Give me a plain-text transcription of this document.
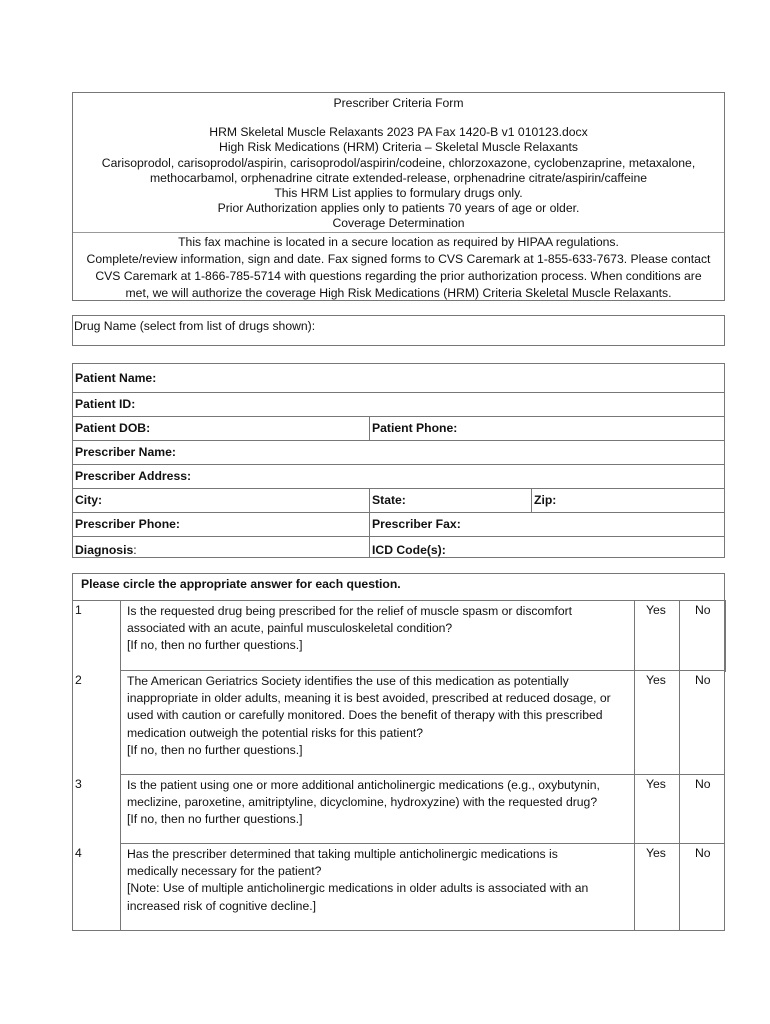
Prescriber Criteria Form
HRM Skeletal Muscle Relaxants 2023 PA Fax 1420-B v1 010123.docx
High Risk Medications (HRM) Criteria – Skeletal Muscle Relaxants
Carisoprodol, carisoprodol/aspirin, carisoprodol/aspirin/codeine, chlorzoxazone, cyclobenzaprine, metaxalone,
methocarbamol, orphenadrine citrate extended-release, orphenadrine citrate/aspirin/caffeine
This HRM List applies to formulary drugs only.
Prior Authorization applies only to patients 70 years of age or older.
Coverage Determination
This fax machine is located in a secure location as required by HIPAA regulations.
Complete/review information, sign and date. Fax signed forms to CVS Caremark at 1-855-633-7673. Please contact
CVS Caremark at 1-866-785-5714 with questions regarding the prior authorization process. When conditions are
met, we will authorize the coverage High Risk Medications (HRM) Criteria Skeletal Muscle Relaxants.
Drug Name (select from list of drugs shown):
Patient Name:
Patient ID:
Patient DOB:	Patient Phone:
Prescriber Name:
Prescriber Address:
City:	State:	Zip:
Prescriber Phone:	Prescriber Fax:
Diagnosis :	ICD Code(s):
Please circle the appropriate answer for each question.
1	Is the requested drug being prescribed for the relief of muscle spasm or discomfort
associated with an acute, painful musculoskeletal condition?
[If no, then no further questions.]
Yes No
2	The American Geriatrics Society identifies the use of this medication as potentially
inappropriate in older adults, meaning it is best avoided, prescribed at reduced dosage, or
used with caution or carefully monitored. Does the benefit of therapy with this prescribed
medication outweigh the potential risks for this patient?
[If no, then no further questions.]
Yes No
3	Is the patient using one or more additional anticholinergic medications (e.g., oxybutynin,
meclizine, paroxetine, amitriptyline, dicyclomine, hydroxyzine) with the requested drug?
[If no, then no further questions.]
Yes No
4	Has the prescriber determined that taking multiple anticholinergic medications is
medically necessary for the patient?
[Note: Use of multiple anticholinergic medications in older adults is associated with an
increased risk of cognitive decline.]
Yes No
